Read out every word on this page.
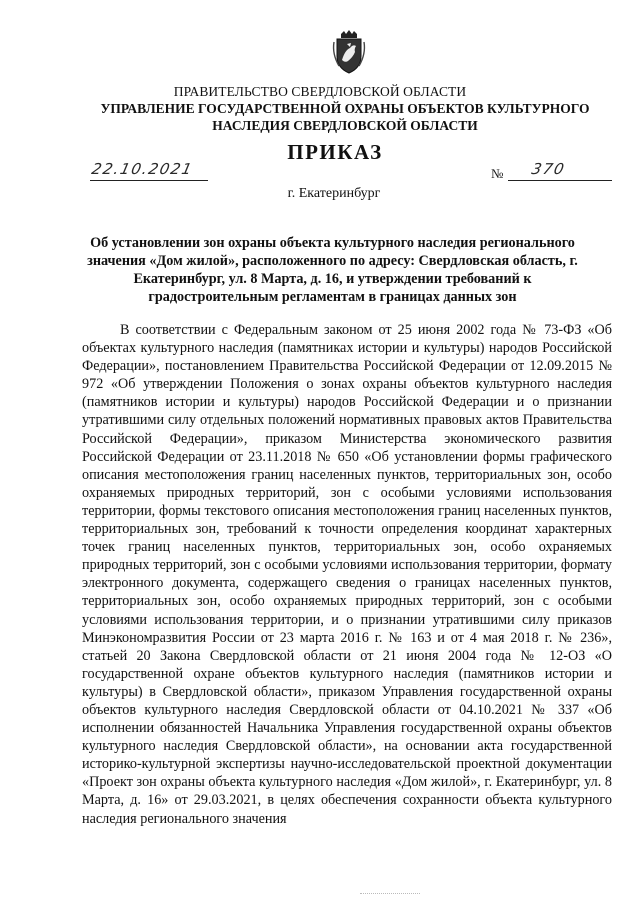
ПРАВИТЕЛЬСТВО СВЕРДЛОВСКОЙ ОБЛАСТИ
УПРАВЛЕНИЕ ГОСУДАРСТВЕННОЙ ОХРАНЫ ОБЪЕКТОВ КУЛЬТУРНОГО НАСЛЕДИЯ СВЕРДЛОВСКОЙ ОБЛАСТИ
ПРИКАЗ
22.10.2021	№ 370
г. Екатеринбург
Об установлении зон охраны объекта культурного наследия регионального значения «Дом жилой», расположенного по адресу: Свердловская область, г. Екатеринбург, ул. 8 Марта, д. 16, и утверждении требований к градостроительным регламентам в границах данных зон

В соответствии с Федеральным законом от 25 июня 2002 года № 73-ФЗ «Об объектах культурного наследия (памятниках истории и культуры) народов Российской Федерации», постановлением Правительства Российской Федерации от 12.09.2015 № 972 «Об утверждении Положения о зонах охраны объектов культурного наследия (памятников истории и культуры) народов Российской Федерации и о признании утратившими силу отдельных положений нормативных правовых актов Правительства Российской Федерации», приказом Министерства экономического развития Российской Федерации от 23.11.2018 № 650 «Об установлении формы графического описания местоположения границ населенных пунктов, территориальных зон, особо охраняемых природных территорий, зон с особыми условиями использования территории, формы текстового описания местоположения границ населенных пунктов, территориальных зон, требований к точности определения координат характерных точек границ населенных пунктов, территориальных зон, особо охраняемых природных территорий, зон с особыми условиями использования территории, формату электронного документа, содержащего сведения о границах населенных пунктов, территориальных зон, особо охраняемых природных территорий, зон с особыми условиями использования территории, и о признании утратившими силу приказов Минэкономразвития России от 23 марта 2016 г. № 163 и от 4 мая 2018 г. № 236», статьей 20 Закона Свердловской области от 21 июня 2004 года № 12-ОЗ «О государственной охране объектов культурного наследия (памятников истории и культуры) в Свердловской области», приказом Управления государственной охраны объектов культурного наследия Свердловской области от 04.10.2021 № 337 «Об исполнении обязанностей Начальника Управления государственной охраны объектов культурного наследия Свердловской области», на основании акта государственной историко-культурной экспертизы научно-исследовательской проектной документации «Проект зон охраны объекта культурного наследия «Дом жилой», г. Екатеринбург, ул. 8 Марта, д. 16» от 29.03.2021, в целях обеспечения сохранности объекта культурного наследия регионального значения
